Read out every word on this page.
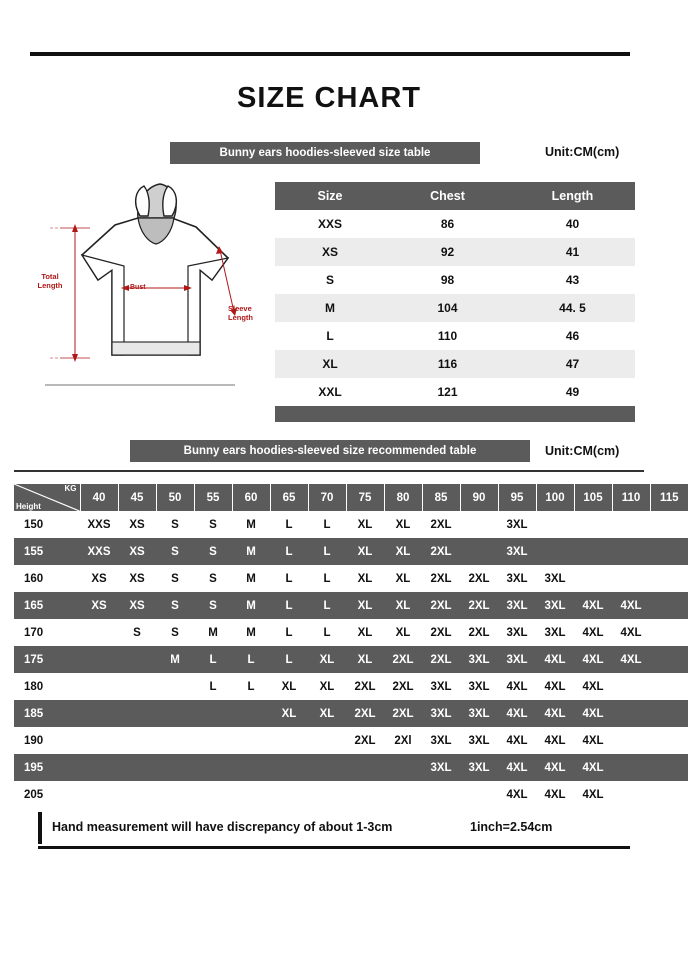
SIZE CHART
Bunny ears hoodies-sleeved size table	Unit:CM(cm)
Total Length	Bust
Sleeve Length
Size	Chest	Length
XXS	86	40
XS	92	41
S	98	43
M	104	44. 5
L	110	46
XL	116	47
XXL	121	49
Bunny ears hoodies-sleeved size recommended table	Unit:CM(cm)
KG
Height	40	45	50	55	60	65	70	75	80	85	90	95	100	105	110	115
150	XXS	XS	S	S	M	L	L	XL	XL	2XL		3XL				
155	XXS	XS	S	S	M	L	L	XL	XL	2XL		3XL				
160	XS	XS	S	S	M	L	L	XL	XL	2XL	2XL	3XL	3XL			
165	XS	XS	S	S	M	L	L	XL	XL	2XL	2XL	3XL	3XL	4XL	4XL	
170		S	S	M	M	L	L	XL	XL	2XL	2XL	3XL	3XL	4XL	4XL	
175			M	L	L	L	XL	XL	2XL	2XL	3XL	3XL	4XL	4XL	4XL	
180				L	L	XL	XL	2XL	2XL	3XL	3XL	4XL	4XL	4XL		
185						XL	XL	2XL	2XL	3XL	3XL	4XL	4XL	4XL		
190								2XL	2Xl	3XL	3XL	4XL	4XL	4XL		
195										3XL	3XL	4XL	4XL	4XL		
205												4XL	4XL	4XL		
Hand measurement will have discrepancy of about 1-3cm	1inch=2.54cm
